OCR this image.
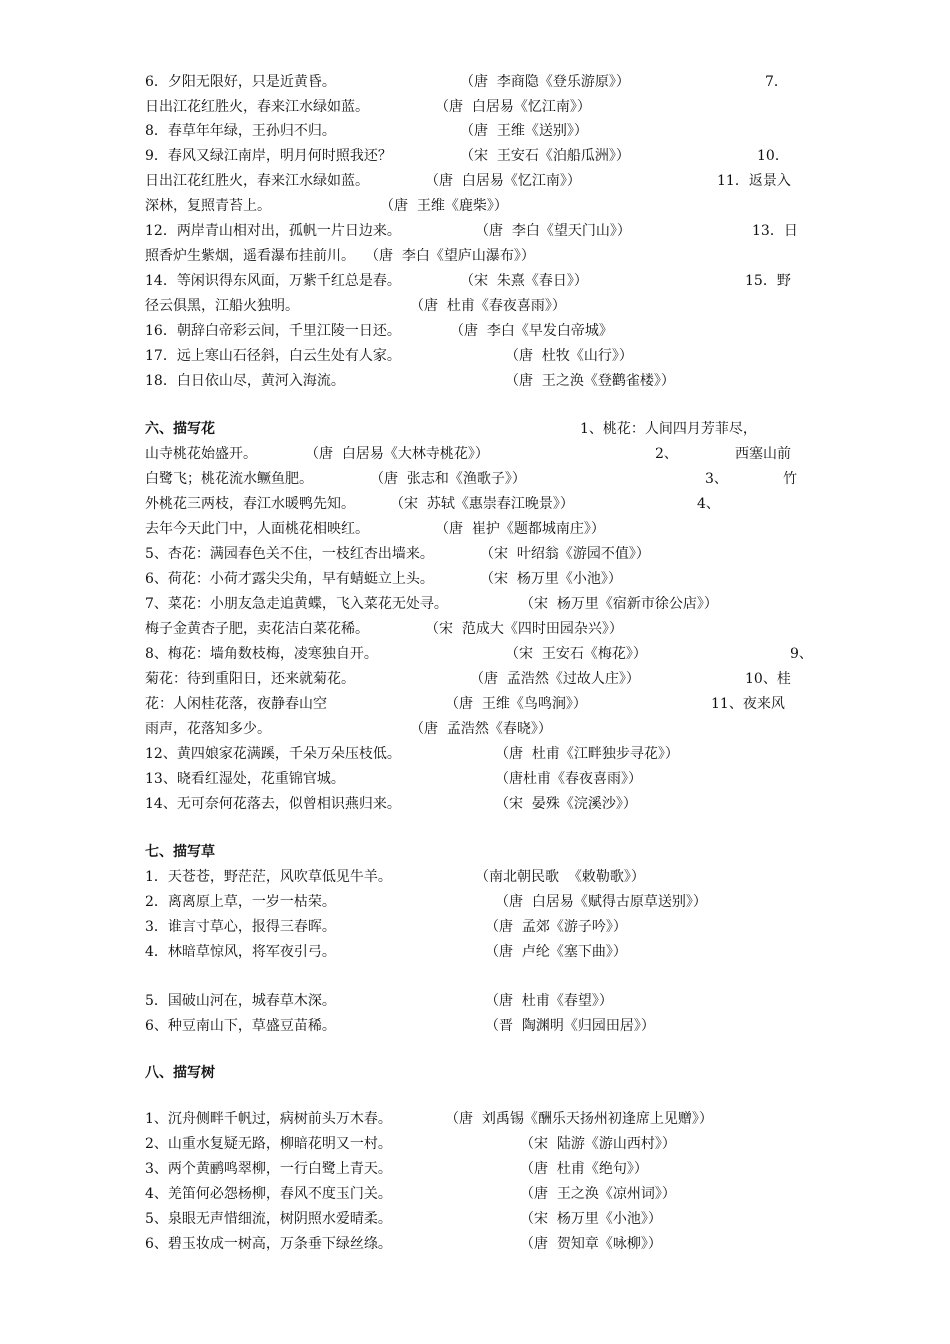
6．夕阳无限好，只是近黄昏。	（唐  李商隐《登乐游原》）	7．
日出江花红胜火，春来江水绿如蓝。	（唐  白居易《忆江南》）
8．春草年年绿，王孙归不归。	（唐  王维《送别》）
9．春风又绿江南岸，明月何时照我还？	（宋  王安石《泊船瓜洲》）	10．
日出江花红胜火，春来江水绿如蓝。	（唐  白居易《忆江南》）	11．返景入
深林，复照青苔上。	（唐  王维《鹿柴》）
12．两岸青山相对出，孤帆一片日边来。	（唐  李白《望天门山》）	13．日
照香炉生紫烟，遥看瀑布挂前川。 （唐  李白《望庐山瀑布》）
14．等闲识得东风面，万紫千红总是春。	（宋  朱熹《春日》）	15．野
径云俱黑，江船火独明。	（唐  杜甫《春夜喜雨》）
16．朝辞白帝彩云间，千里江陵一日还。	（唐  李白《早发白帝城》
17．远上寒山石径斜，白云生处有人家。	（唐  杜牧《山行》）
18．白日依山尽，黄河入海流。	（唐  王之涣《登鹳雀楼》）
六、描写花	1、桃花：人间四月芳菲尽，
山寺桃花始盛开。	（唐  白居易《大林寺桃花》）	2、	西塞山前
白鹭飞；桃花流水鳜鱼肥。	（唐  张志和《渔歌子》）	3、	竹
外桃花三两枝，春江水暖鸭先知。	（宋  苏轼《惠崇春江晚景》）	4、
去年今天此门中，人面桃花相映红。	（唐  崔护《题都城南庄》）
5、杏花：满园春色关不住，一枝红杏出墙来。	（宋  叶绍翁《游园不值》）
6、荷花：小荷才露尖尖角，早有蜻蜓立上头。	（宋  杨万里《小池》）
7、菜花：小朋友急走追黄蝶，飞入菜花无处寻。	（宋  杨万里《宿新市徐公店》）
梅子金黄杏子肥，卖花洁白菜花稀。	（宋  范成大《四时田园杂兴》）
8、梅花：墙角数枝梅，凌寒独自开。	（宋  王安石《梅花》）	9、
菊花：待到重阳日，还来就菊花。	（唐  孟浩然《过故人庄》）	10、桂
花：人闲桂花落，夜静春山空	（唐  王维《鸟鸣涧》）	11、夜来风
雨声，花落知多少。	（唐  孟浩然《春晓》）
12、黄四娘家花满蹊，千朵万朵压枝低。	（唐  杜甫《江畔独步寻花》）
13、晓看红湿处，花重锦官城。	（唐杜甫《春夜喜雨》）
14、无可奈何花落去，似曾相识燕归来。	（宋  晏殊《浣溪沙》）
七、描写草
1．天苍苍，野茫茫，风吹草低见牛羊。	（南北朝民歌  《敕勒歌》）
2．离离原上草，一岁一枯荣。	（唐  白居易《赋得古原草送别》）
3．谁言寸草心，报得三春晖。	（唐  孟郊《游子吟》）
4．林暗草惊风，将军夜引弓。	（唐  卢纶《塞下曲》）
5．国破山河在，城春草木深。	（唐  杜甫《春望》）
6、种豆南山下，草盛豆苗稀。	（晋  陶渊明《归园田居》）
八、描写树
1、沉舟侧畔千帆过，病树前头万木春。	（唐  刘禹锡《酬乐天扬州初逢席上见赠》）
2、山重水复疑无路，柳暗花明又一村。	（宋  陆游《游山西村》）
3、两个黄鹂鸣翠柳，一行白鹭上青天。	（唐  杜甫《绝句》）
4、羌笛何必怨杨柳，春风不度玉门关。	（唐  王之涣《凉州词》）
5、泉眼无声惜细流，树阴照水爱晴柔。	（宋  杨万里《小池》）
6、碧玉妆成一树高，万条垂下绿丝绦。	（唐  贺知章《咏柳》）
